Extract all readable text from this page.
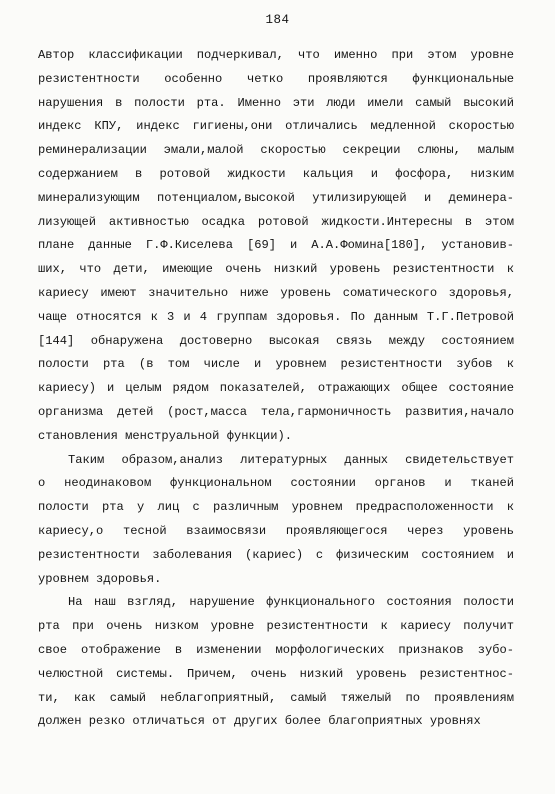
184
Автор классификации подчеркивал, что именно при этом уровне
резистентности особенно четко проявляются функциональные
нарушения в полости рта. Именно эти люди имели самый высокий
индекс КПУ, индекс гигиены,они отличались медленной скоростью
реминерализации эмали,малой скоростью секреции слюны, малым
содержанием в ротовой жидкости кальция и фосфора, низким
минерализующим потенциалом,высокой утилизирующей и деминера-
лизующей активностью осадка ротовой жидкости.Интересны в этом
плане данные Г.Ф.Киселева [69] и А.А.Фомина[180], установив-
ших, что дети, имеющие очень низкий уровень резистентности к
кариесу имеют значительно ниже уровень соматического здоровья,
чаще относятся к 3 и 4 группам здоровья. По данным Т.Г.Петровой
[144] обнаружена достоверно высокая связь между состоянием
полости рта (в том числе и уровнем резистентности зубов к
кариесу) и целым рядом показателей, отражающих общее состояние
организма детей (рост,масса тела,гармоничность развития,начало
становления менструальной функции).
Таким образом,анализ литературных данных свидетельствует
о неодинаковом функциональном состоянии органов и тканей
полости рта у лиц с различным уровнем предрасположенности к
кариесу,о тесной взаимосвязи проявляющегося через уровень
резистентности заболевания (кариес) с физическим состоянием и
уровнем здоровья.
На наш взгляд, нарушение функционального состояния полости
рта при очень низком уровне резистентности к кариесу получит
свое отображение в изменении морфологических признаков зубо-
челюстной системы. Причем, очень низкий уровень резистентнос-
ти, как самый неблагоприятный, самый тяжелый по проявлениям
должен резко отличаться от других более благоприятных уровнях
